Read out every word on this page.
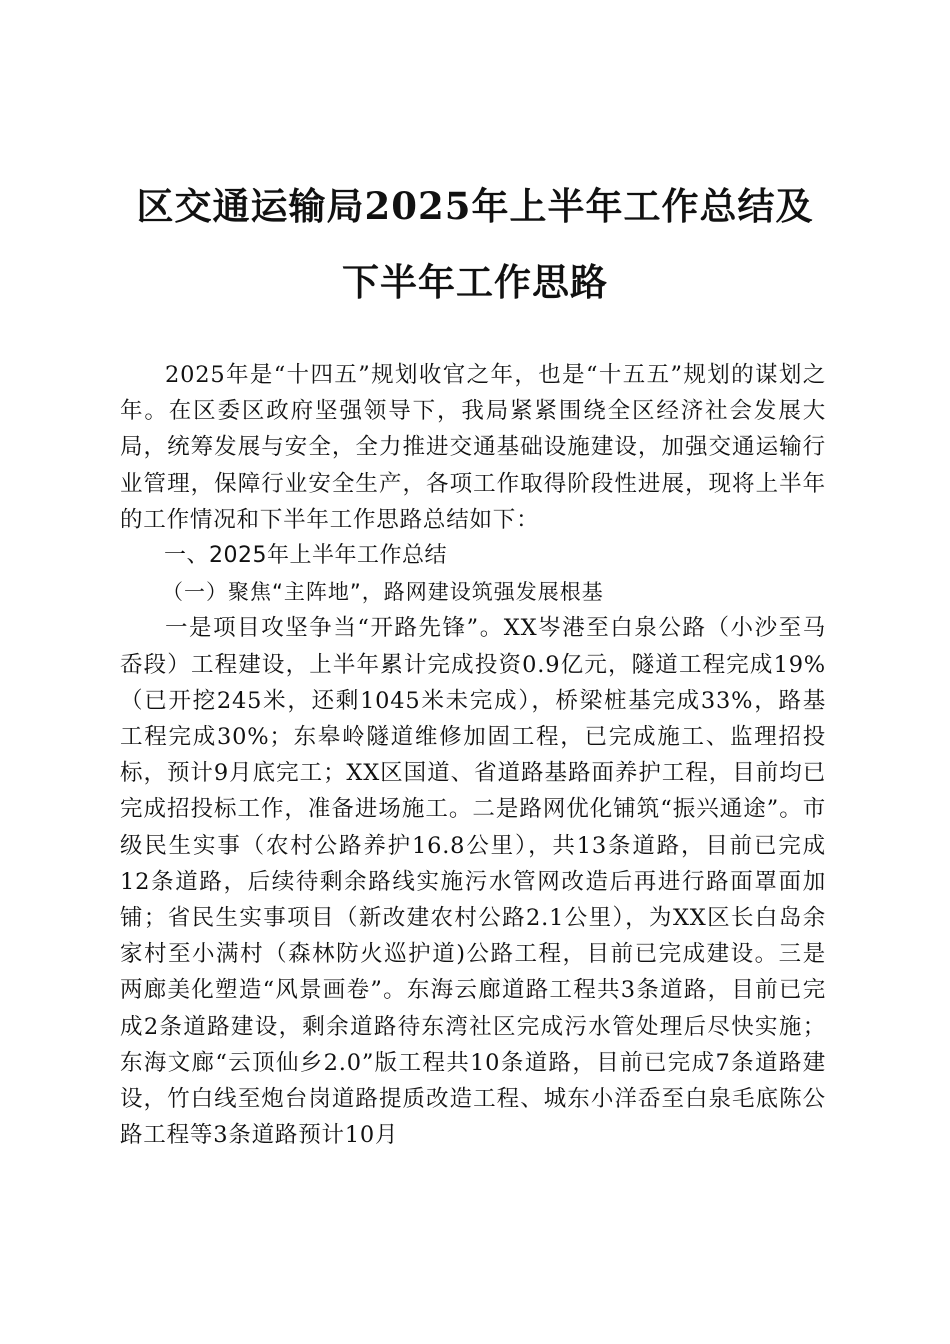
区交通运输局2025年上半年工作总结及下半年工作思路

2025年是“十四五”规划收官之年，也是“十五五”规划的谋划之年。在区委区政府坚强领导下，我局紧紧围绕全区经济社会发展大局，统筹发展与安全，全力推进交通基础设施建设，加强交通运输行业管理，保障行业安全生产，各项工作取得阶段性进展，现将上半年的工作情况和下半年工作思路总结如下：

一、2025年上半年工作总结

（一）聚焦“主阵地”，路网建设筑强发展根基

一是项目攻坚争当“开路先锋”。XX岑港至白泉公路（小沙至马岙段）工程建设，上半年累计完成投资0.9亿元，隧道工程完成19%（已开挖245米，还剩1045米未完成），桥梁桩基完成33%，路基工程完成30%；东皋岭隧道维修加固工程，已完成施工、监理招投标，预计9月底完工；XX区国道、省道路基路面养护工程，目前均已完成招投标工作，准备进场施工。二是路网优化铺筑“振兴通途”。市级民生实事（农村公路养护16.8公里），共13条道路，目前已完成12条道路，后续待剩余路线实施污水管网改造后再进行路面罩面加铺；省民生实事项目（新改建农村公路2.1公里），为XX区长白岛余家村至小满村（森林防火巡护道)公路工程，目前已完成建设。三是两廊美化塑造“风景画卷”。东海云廊道路工程共3条道路，目前已完成2条道路建设，剩余道路待东湾社区完成污水管处理后尽快实施；东海文廊“云顶仙乡2.0”版工程共10条道路，目前已完成7条道路建设，竹白线至炮台岗道路提质改造工程、城东小洋岙至白泉毛底陈公路工程等3条道路预计10月
